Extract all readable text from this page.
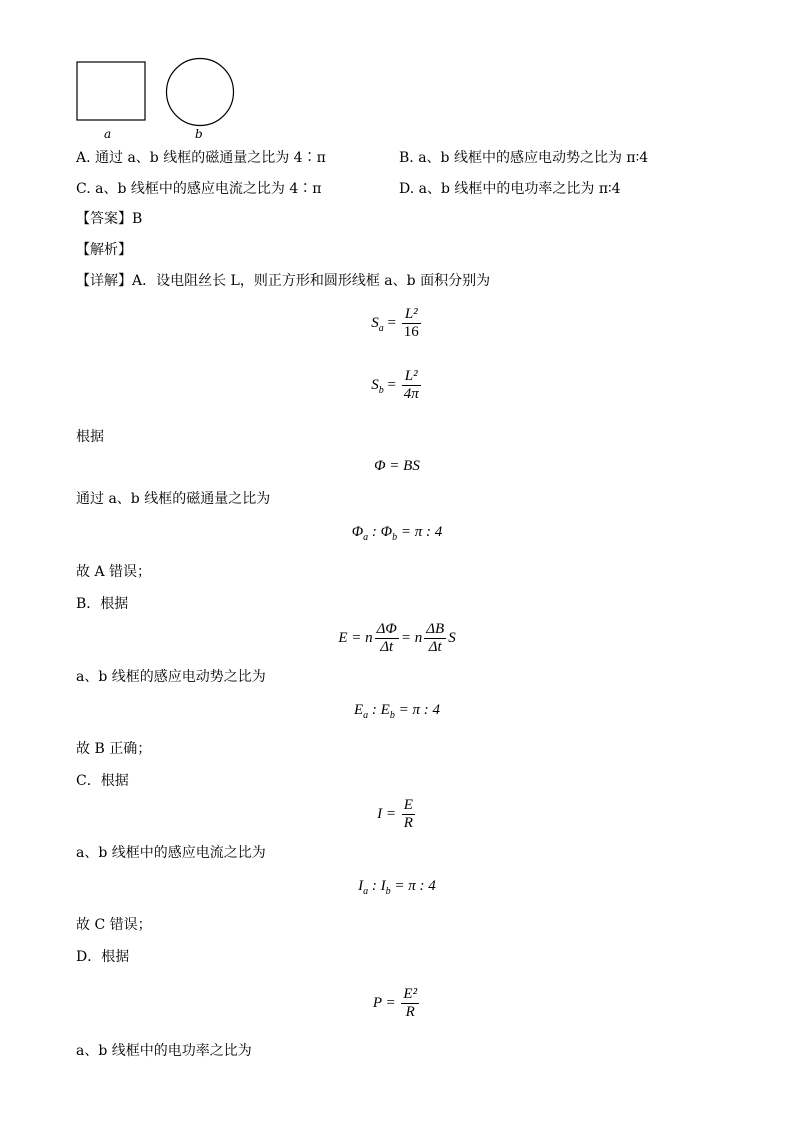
a	b
A. 通过 a、b 线框的磁通量之比为 4∶π	B. a、b 线框中的感应电动势之比为 π∶4
C. a、b 线框中的感应电流之比为 4∶π	D. a、b 线框中的电功率之比为 π∶4
【答案】B
【解析】
【详解】A．设电阻丝长 L，则正方形和圆形线框 a、b 面积分别为
$S_a = \frac{\text{L²}}{16}$
$S_b = \frac{\text{L²}}{4\pi}$
根据
Φ = BS
通过 a、b 线框的磁通量之比为
$\Phi_a$ : $\Phi_b = \pi$ : 4
故 A 错误；
B．根据
E = n $\frac{\Delta\Phi}{\Delta t} = n \frac{\Delta B}{\Delta t}$ S
a、b 线框的感应电动势之比为
$E_a$ : $E_b = \pi$ : 4
故 B 正确；
C．根据
$I = \frac{E}{R}$
a、b 线框中的感应电流之比为
$I_a$ : $I_b = \pi$ : 4
故 C 错误；
D．根据
$P = \frac{\text{E²}}{R}$
a、b 线框中的电功率之比为
